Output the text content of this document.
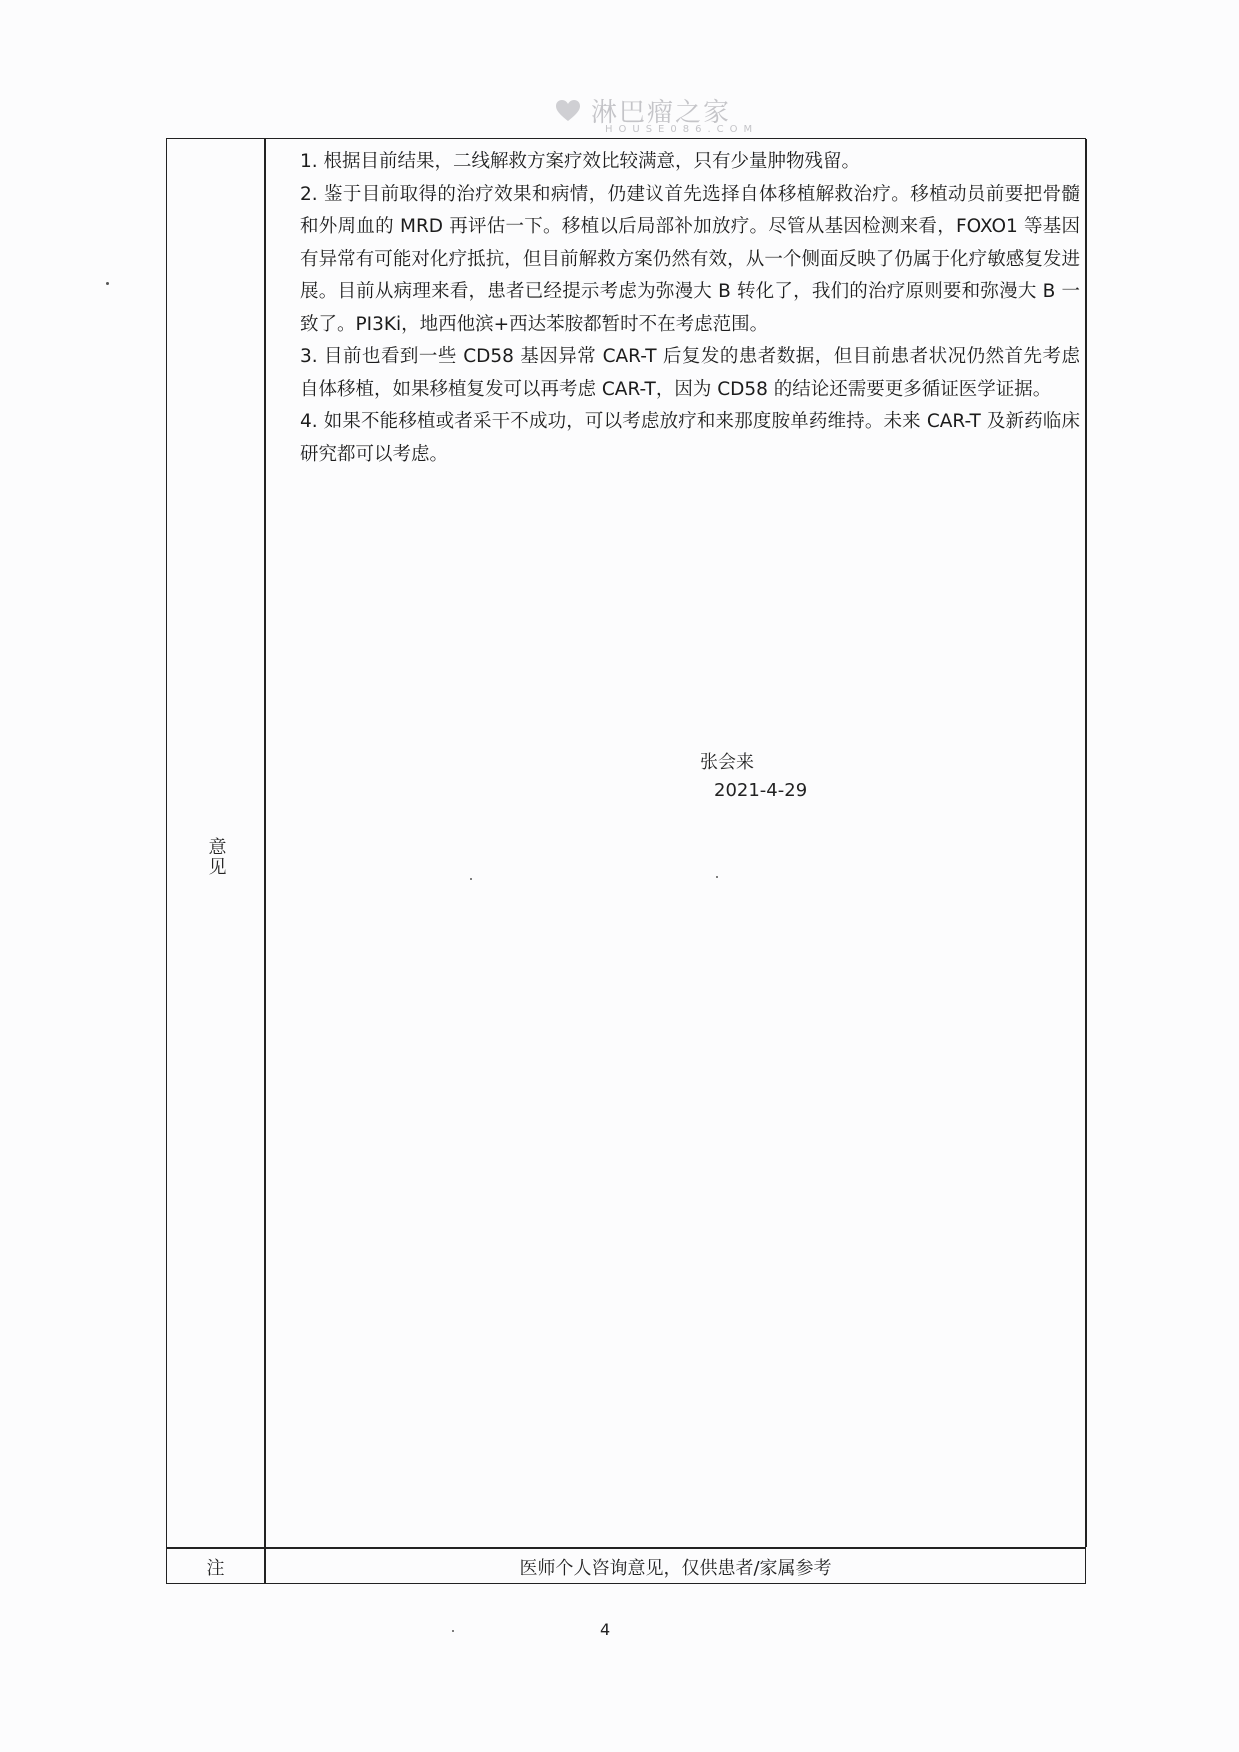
淋巴瘤之家
HOUSE086.COM
意见
注	医师个人咨询意见，仅供患者/家属参考

1. 根据目前结果，二线解救方案疗效比较满意，只有少量肿物残留。

2. 鉴于目前取得的治疗效果和病情，仍建议首先选择自体移植解救治疗。移植动员前要把骨髓和外周血的 MRD 再评估一下。移植以后局部补加放疗。尽管从基因检测来看，FOXO1 等基因有异常有可能对化疗抵抗，但目前解救方案仍然有效，从一个侧面反映了仍属于化疗敏感复发进展。目前从病理来看，患者已经提示考虑为弥漫大 B 转化了，我们的治疗原则要和弥漫大 B 一致了。PI3Ki，地西他滨+西达苯胺都暂时不在考虑范围。

3. 目前也看到一些 CD58 基因异常 CAR-T 后复发的患者数据，但目前患者状况仍然首先考虑自体移植，如果移植复发可以再考虑 CAR-T，因为 CD58 的结论还需要更多循证医学证据。

4. 如果不能移植或者采干不成功，可以考虑放疗和来那度胺单药维持。未来 CAR-T 及新药临床研究都可以考虑。

张会来
2021-4-29
4
